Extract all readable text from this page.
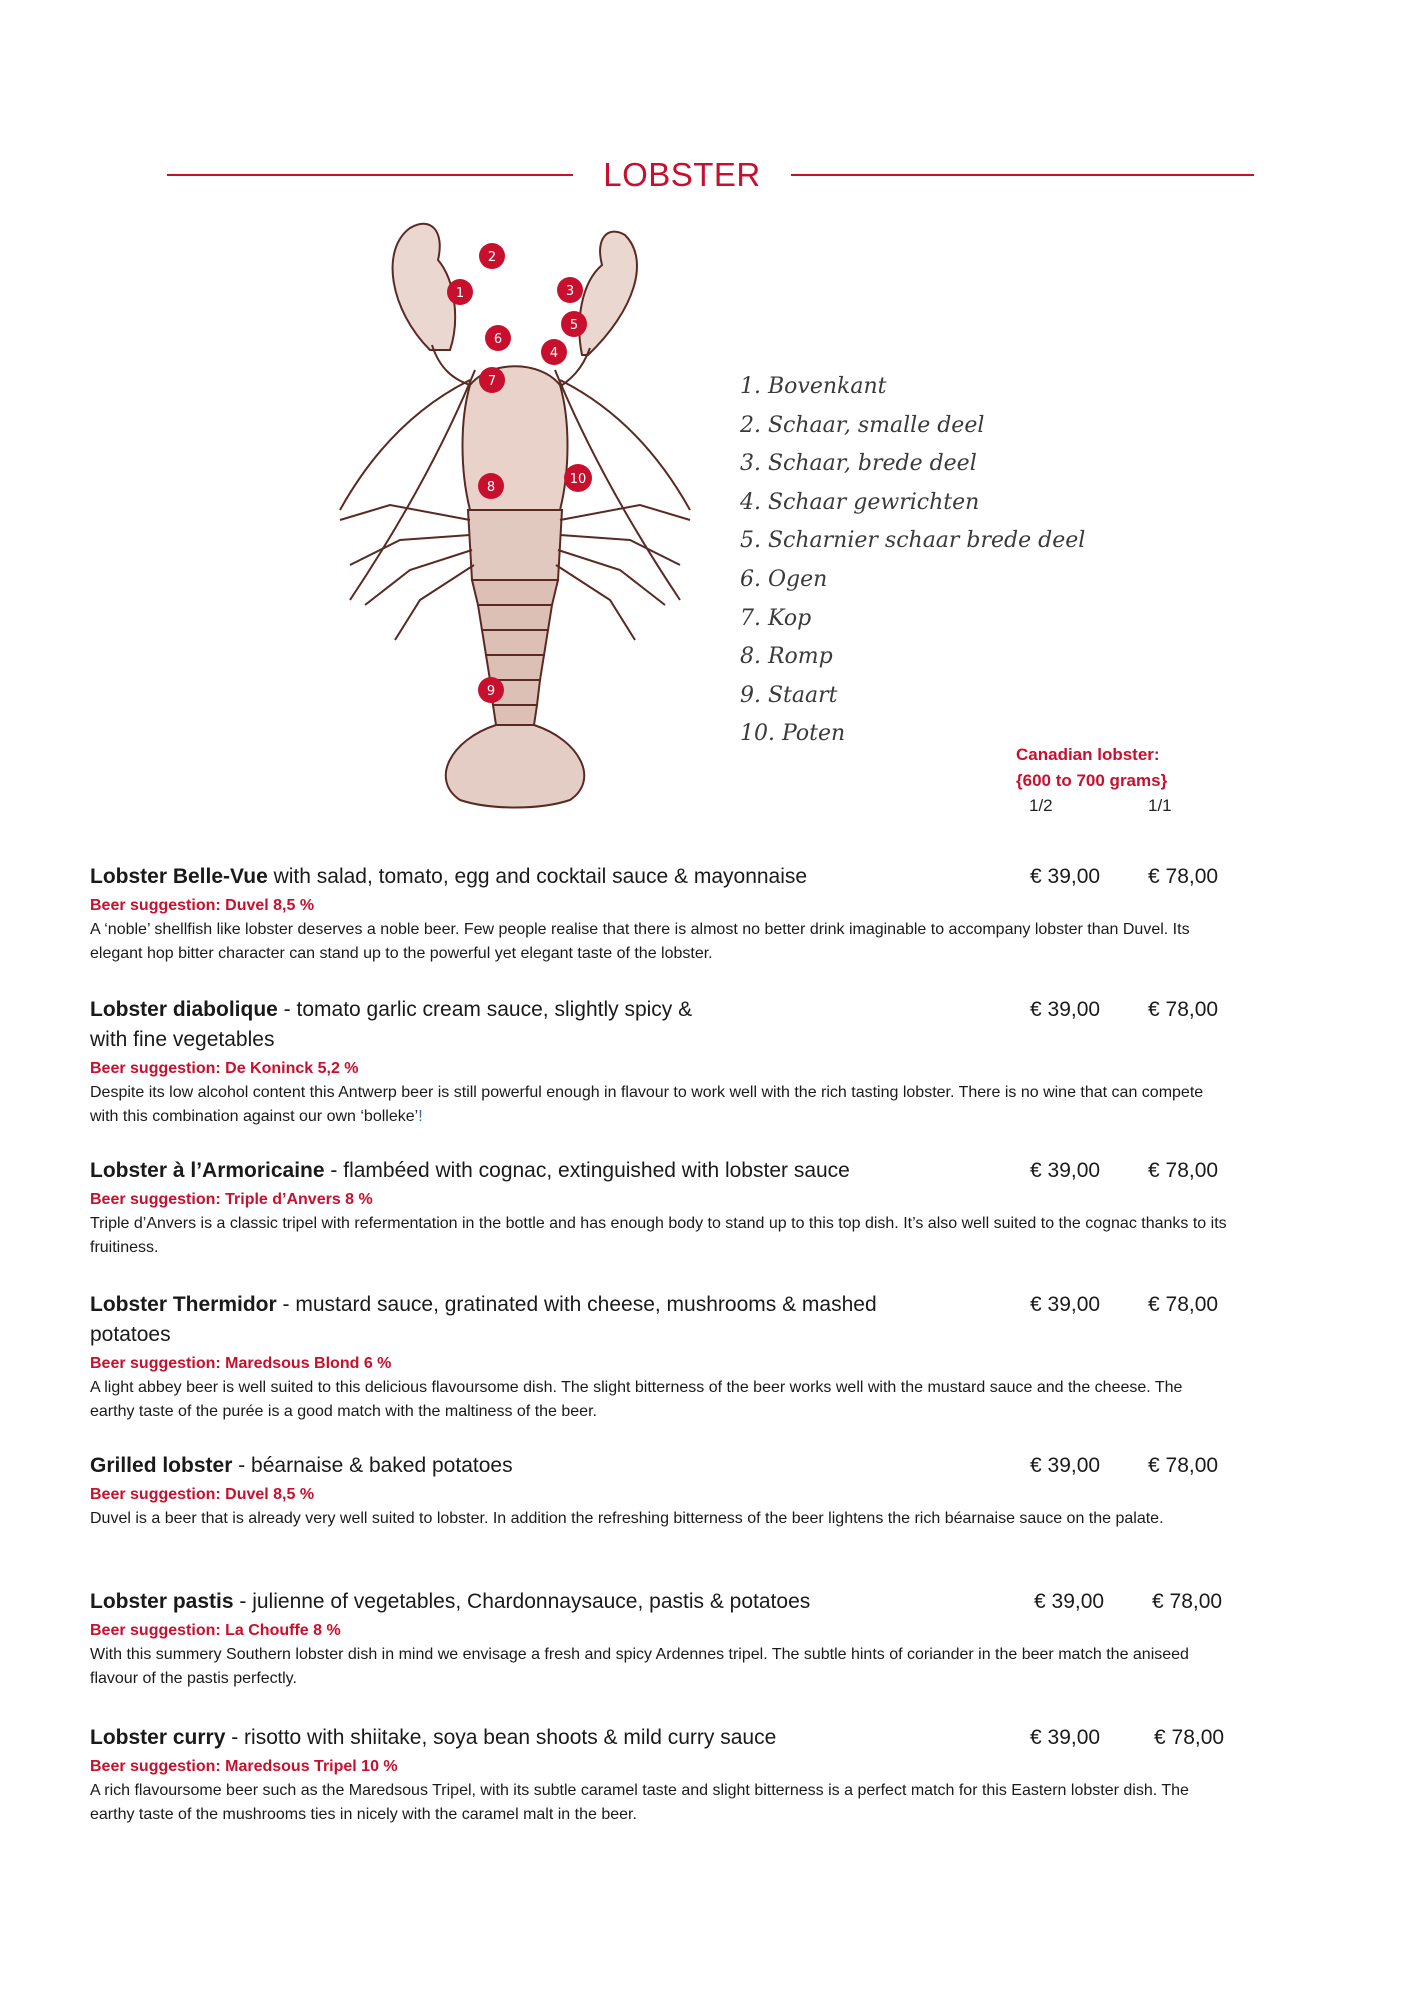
LOBSTER
1
2
3
4
5
6
7
8
9
10
1. Bovenkant
2. Schaar, smalle deel
3. Schaar, brede deel
4. Schaar gewrichten
5. Scharnier schaar brede deel
6. Ogen
7. Kop
8. Romp
9. Staart
10. Poten
Canadian lobster:
{600 to 700 grams}
1/2	1/1
Lobster Belle-Vue with salad, tomato, egg and cocktail sauce & mayonnaise	€ 39,00 € 78,00
Beer suggestion: Duvel 8,5 %
A ‘noble’ shellfish like lobster deserves a noble beer. Few people realise that there is almost no better drink imaginable to accompany lobster than Duvel. Its elegant hop bitter character can stand up to the powerful yet elegant taste of the lobster.
Lobster diabolique - tomato garlic cream sauce, slightly spicy & with fine vegetables
€ 39,00 € 78,00
Beer suggestion: De Koninck 5,2 %
Despite its low alcohol content this Antwerp beer is still powerful enough in flavour to work well with the rich tasting lobster. There is no wine that can compete with this combination against our own ‘bolleke’!
Lobster à l’Armoricaine - flambéed with cognac, extinguished with lobster sauce	€ 39,00 € 78,00
Beer suggestion: Triple d’Anvers 8 %
Triple d’Anvers is a classic tripel with refermentation in the bottle and has enough body to stand up to this top dish. It’s also well suited to the cognac thanks to its fruitiness.
Lobster Thermidor - mustard sauce, gratinated with cheese, mushrooms & mashed potatoes
€ 39,00 € 78,00
Beer suggestion: Maredsous Blond 6 %
A light abbey beer is well suited to this delicious flavoursome dish. The slight bitterness of the beer works well with the mustard sauce and the cheese. The earthy taste of the purée is a good match with the maltiness of the beer.
Grilled lobster - béarnaise & baked potatoes	€ 39,00 € 78,00
Beer suggestion: Duvel 8,5 %
Duvel is a beer that is already very well suited to lobster. In addition the refreshing bitterness of the beer lightens the rich béarnaise sauce on the palate.
Lobster pastis - julienne of vegetables, Chardonnaysauce, pastis & potatoes	€ 39,00 € 78,00
Beer suggestion: La Chouffe 8 %
With this summery Southern lobster dish in mind we envisage a fresh and spicy Ardennes tripel. The subtle hints of coriander in the beer match the aniseed flavour of the pastis perfectly.
Lobster curry - risotto with shiitake, soya bean shoots & mild curry sauce	€ 39,00	€ 78,00
Beer suggestion: Maredsous Tripel 10 %
A rich flavoursome beer such as the Maredsous Tripel, with its subtle caramel taste and slight bitterness is a perfect match for this Eastern lobster dish. The earthy taste of the mushrooms ties in nicely with the caramel malt in the beer.
